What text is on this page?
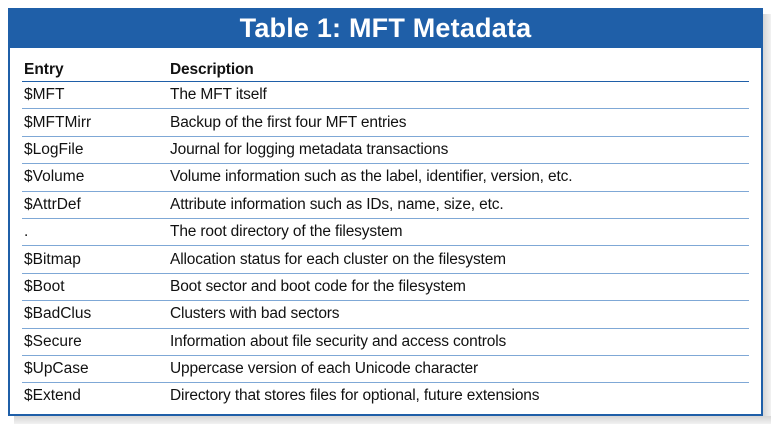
Table 1: MFT Metadata
Entry	Description
$MFT	The MFT itself
$MFTMirr	Backup of the first four MFT entries
$LogFile	Journal for logging metadata transactions
$Volume	Volume information such as the label, identifier, version, etc.
$AttrDef	Attribute information such as IDs, name, size, etc.
.	The root directory of the filesystem
$Bitmap	Allocation status for each cluster on the filesystem
$Boot	Boot sector and boot code for the filesystem
$BadClus	Clusters with bad sectors
$Secure	Information about file security and access controls
$UpCase	Uppercase version of each Unicode character
$Extend	Directory that stores files for optional, future extensions
